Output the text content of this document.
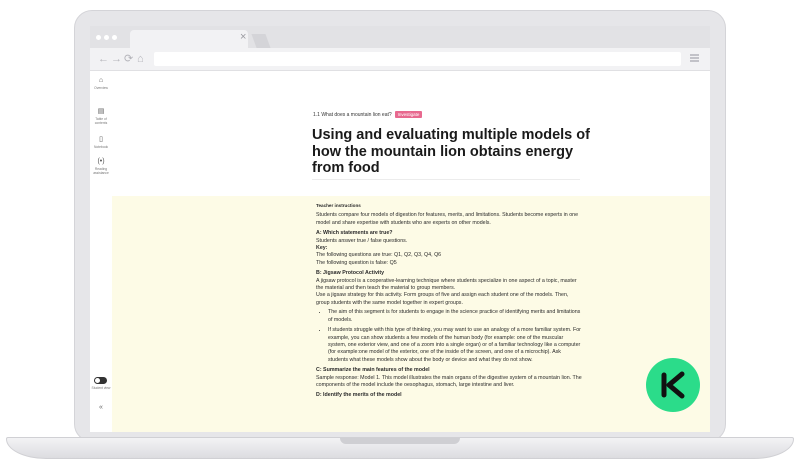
×
← → ⟳ ⌂
⌂
Overview
▤
Table of contents
▯
Notebook
(•)
Reading assistance
Student view
«
1.1 What does a mountain lion eat? Investigate
Using and evaluating multiple models of how the mountain lion obtains energy from food

Teacher instructions

Students compare four models of digestion for features, merits, and limitations. Students become experts in one model and share expertise with students who are experts on other models.

A: Which statements are true?

Students answer true / false questions.

Key:

The following questions are true: Q1, Q2, Q3, Q4, Q6

The following question is false: Q5

B: Jigsaw Protocol Activity

A jigsaw protocol is a cooperative-learning technique where students specialize in one aspect of a topic, master the material and then teach the material to group members.

Use a jigsaw strategy for this activity. Form groups of five and assign each student one of the models. Then, group students with the same model together in expert groups.

• The aim of this segment is for students to engage in the science practice of identifying merits and limitations of models.
• If students struggle with this type of thinking, you may want to use an analogy of a more familiar system. For example, you can show students a few models of the human body (for example: one of the muscular system, one exterior view, and one of a zoom into a single organ) or of a familiar technology like a computer (for example:one model of the exterior, one of the inside of the screen, and one of a microchip). Ask students what these models show about the body or device and what they do not show.

C: Summarize the main features of the model

Sample response: Model 1. This model illustrates the main organs of the digestive system of a mountain lion. The components of the model include the oesophagus, stomach, large intestine and liver.

D: Identify the merits of the model
